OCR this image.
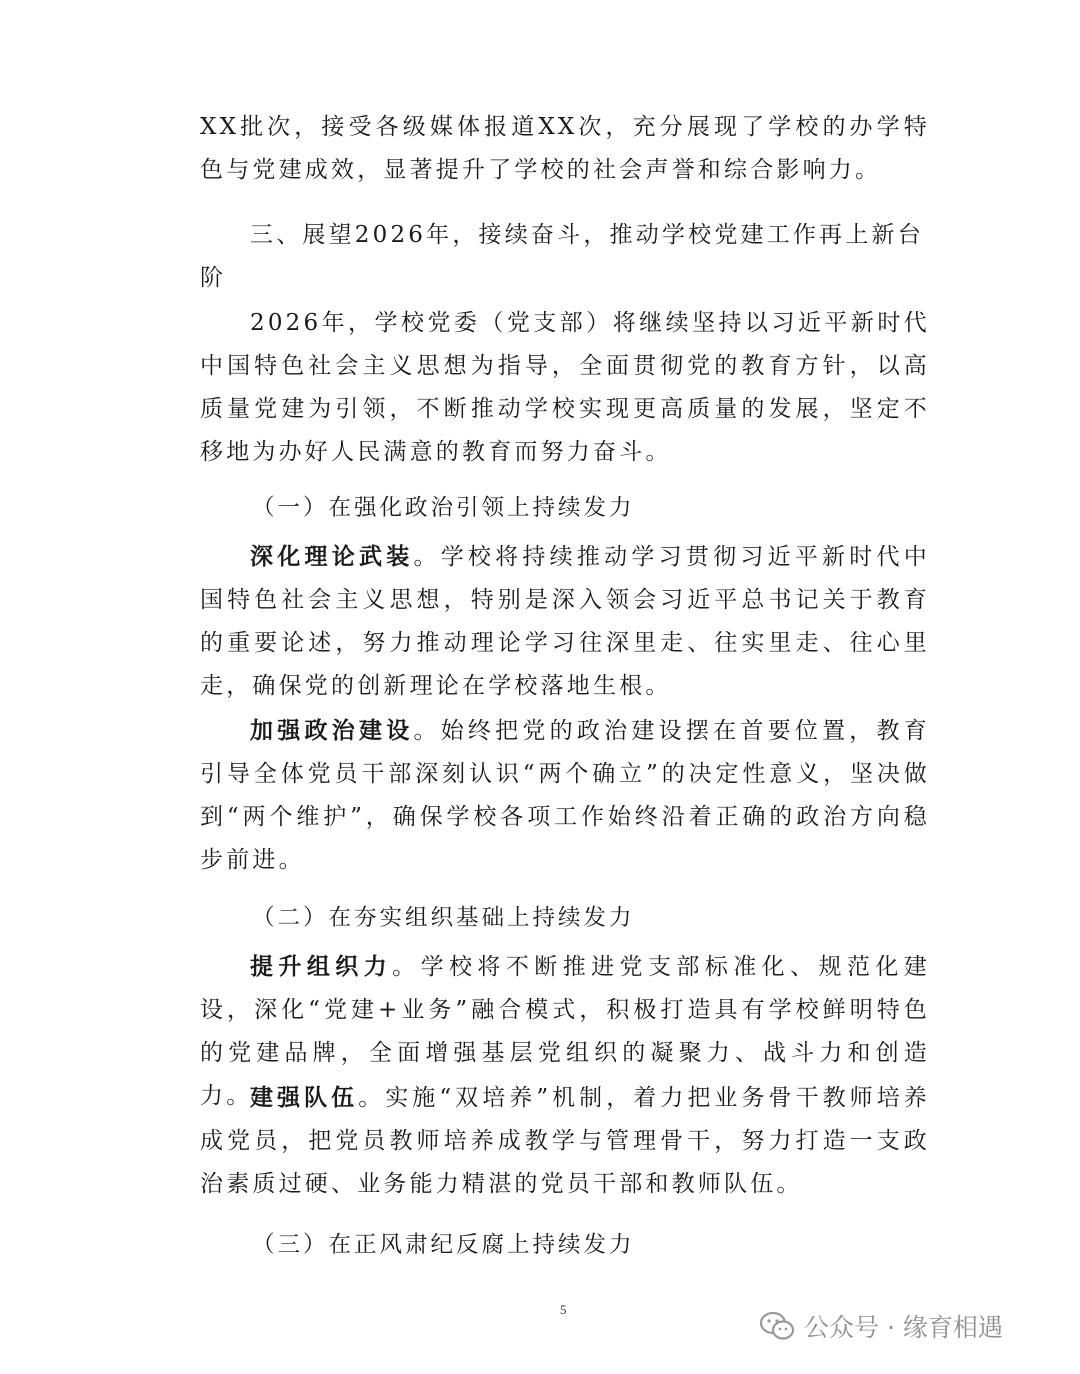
XX批次，接受各级媒体报道XX次，充分展现了学校的办学特色与党建成效，显著提升了学校的社会声誉和综合影响力。

三、展望2026年，接续奋斗，推动学校党建工作再上新台阶

2026年，学校党委（党支部）将继续坚持以习近平新时代中国特色社会主义思想为指导，全面贯彻党的教育方针，以高质量党建为引领，不断推动学校实现更高质量的发展，坚定不移地为办好人民满意的教育而努力奋斗。

（一）在强化政治引领上持续发力

深化理论武装。学校将持续推动学习贯彻习近平新时代中国特色社会主义思想，特别是深入领会习近平总书记关于教育的重要论述，努力推动理论学习往深里走、往实里走、往心里走，确保党的创新理论在学校落地生根。

加强政治建设。始终把党的政治建设摆在首要位置，教育引导全体党员干部深刻认识“两个确立”的决定性意义，坚决做到“两个维护”，确保学校各项工作始终沿着正确的政治方向稳步前进。

（二）在夯实组织基础上持续发力

提升组织力。学校将不断推进党支部标准化、规范化建设，深化“党建+业务”融合模式，积极打造具有学校鲜明特色的党建品牌，全面增强基层党组织的凝聚力、战斗力和创造力。

建强队伍。实施“双培养”机制，着力把业务骨干教师培养成党员，把党员教师培养成教学与管理骨干，努力打造一支政治素质过硬、业务能力精湛的党员干部和教师队伍。

（三）在正风肃纪反腐上持续发力

5
公众号 · 缘育相遇
